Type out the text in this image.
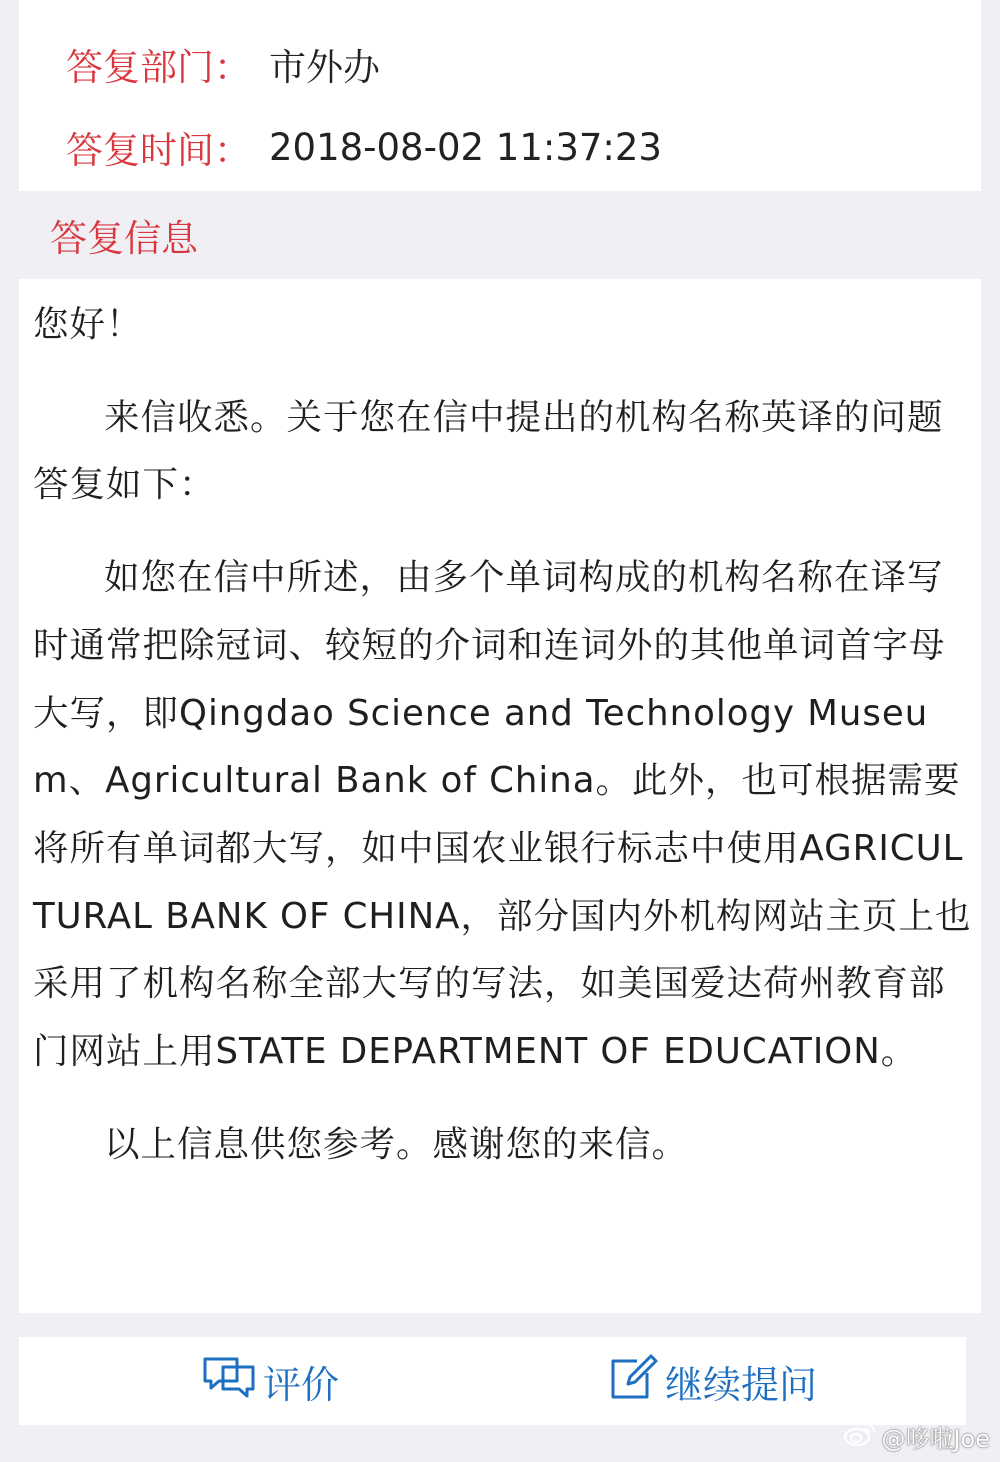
答复部门： 市外办
答复时间： 2018-08-02 11:37:23
答复信息

您好！

来信收悉。关于您在信中提出的机构名称英译的问题答复如下：

如您在信中所述，由多个单词构成的机构名称在译写时通常把除冠词、较短的介词和连词外的其他单词首字母大写，即Qingdao Science and Technology Museum、Agricultural Bank of China。此外，也可根据需要将所有单词都大写，如中国农业银行标志中使用AGRICULTURAL BANK OF CHINA，部分国内外机构网站主页上也采用了机构名称全部大写的写法，如美国爱达荷州教育部门网站上用STATE DEPARTMENT OF EDUCATION。

以上信息供您参考。感谢您的来信。

评价	继续提问
@哆啦Joe
